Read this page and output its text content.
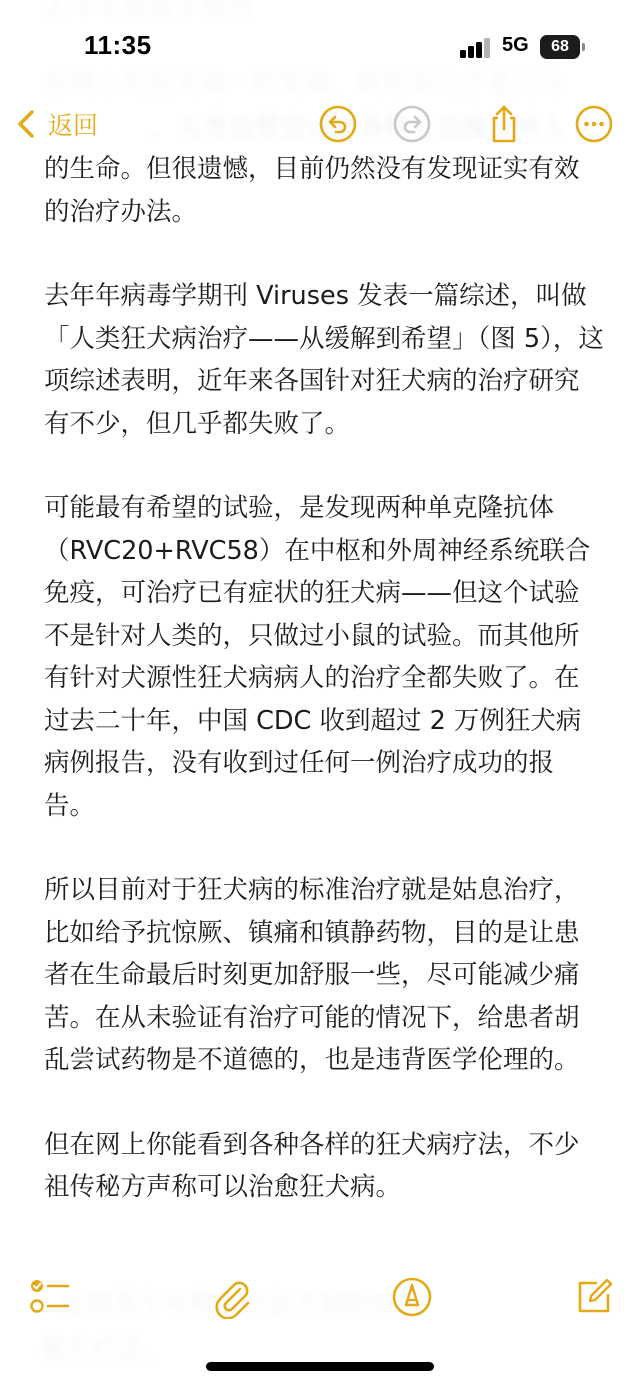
11:35	5G	68
返回

的生命。但很遗憾，目前仍然没有发现证实有效的治疗办法。

去年年病毒学期刊 Viruses 发表一篇综述，叫做「人类狂犬病治疗——从缓解到希望」（图 5），这项综述表明，近年来各国针对狂犬病的治疗研究有不少，但几乎都失败了。

可能最有希望的试验，是发现两种单克隆抗体（RVC20+RVC58）在中枢和外周神经系统联合免疫，可治疗已有症状的狂犬病——但这个试验不是针对人类的，只做过小鼠的试验。而其他所有针对犬源性狂犬病病人的治疗全都失败了。在过去二十年，中国 CDC 收到超过 2 万例狂犬病病例报告，没有收到过任何一例治疗成功的报告。

所以目前对于狂犬病的标准治疗就是姑息治疗，比如给予抗惊厥、镇痛和镇静药物，目的是让患者在生命最后时刻更加舒服一些，尽可能减少痛苦。在从未验证有治疗可能的情况下，给患者胡乱尝试药物是不道德的，也是违背医学伦理的。

但在网上你能看到各种各样的狂犬病疗法，不少祖传秘方声称可以治愈狂犬病。
